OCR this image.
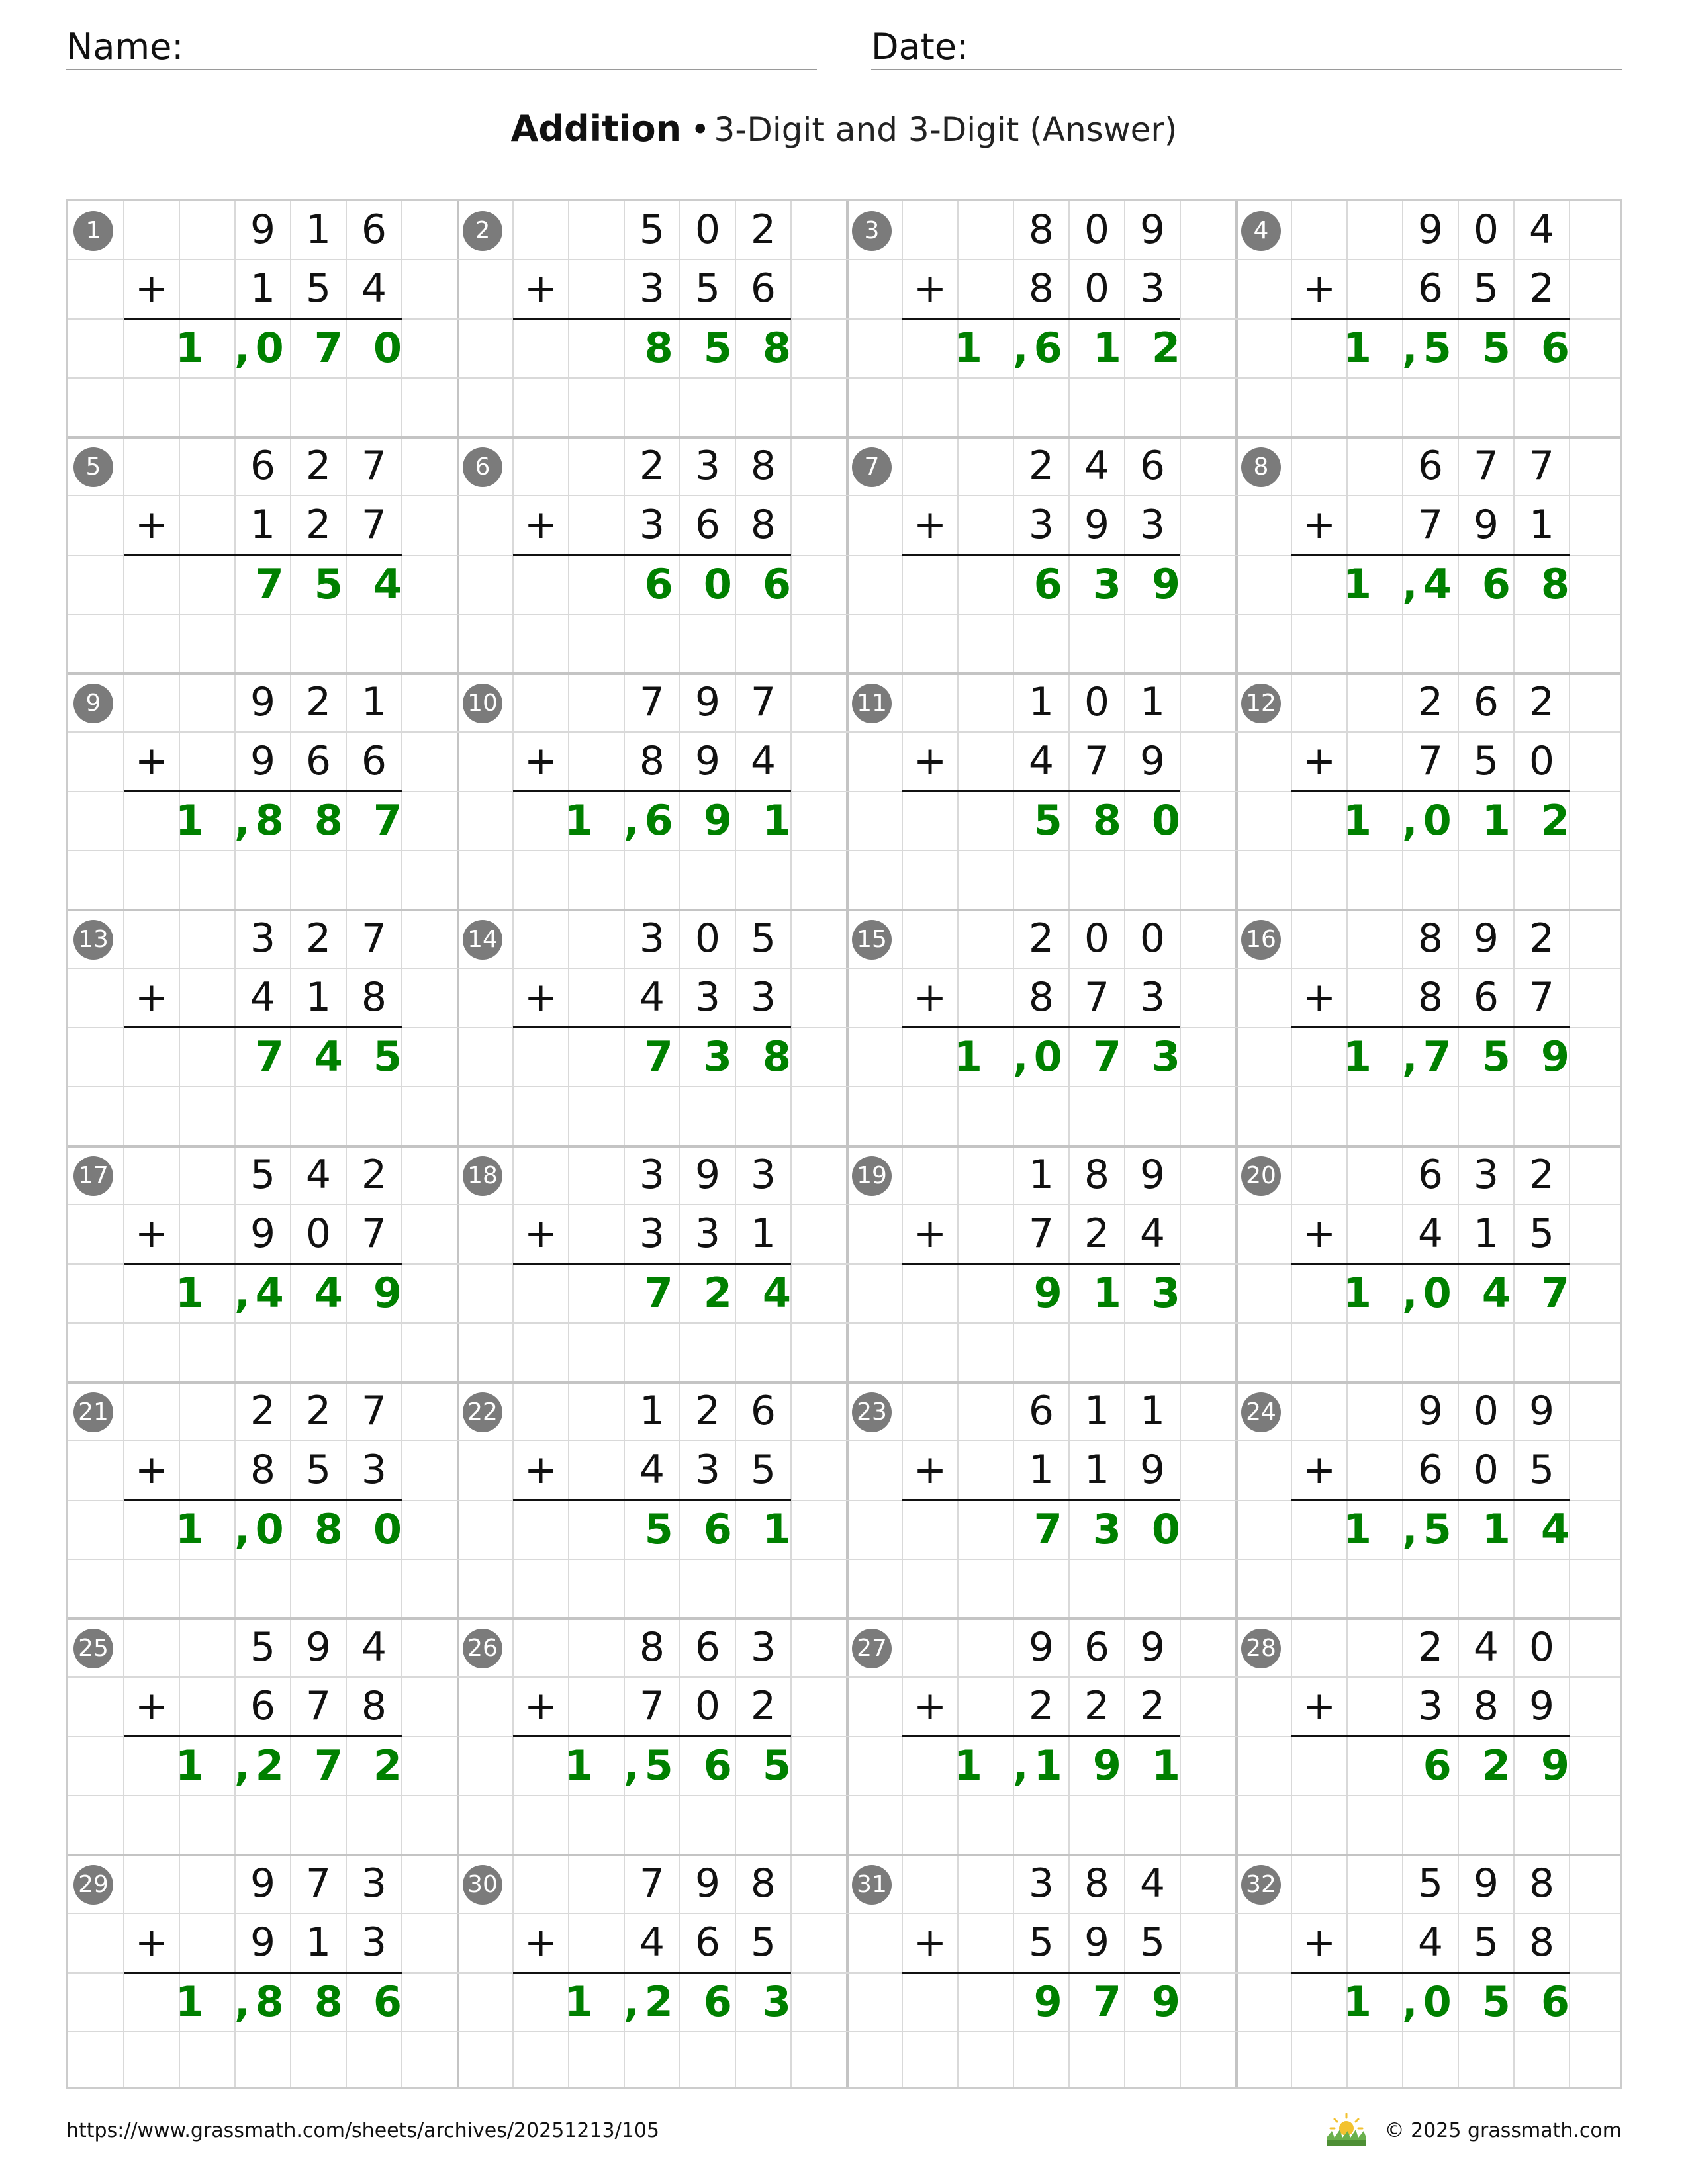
Name:	Date:
Addition • 3-Digit and 3-Digit (Answer)
1	9 1 6
1 5 4
+
1, 070
2	5 0 2
3 5 6
+
858
3	8 0 9
8 0 3
+
1, 612
4	9 0 4
6 5 2
+
1, 556
5	6 2 7
1 2 7
+
754
6	2 3 8
3 6 8
+
606
7	2 4 6
3 9 3
+
639
8	6 7 7
7 9 1
+
1, 468
9	9 2 1
9 6 6
+
1, 887
10	7 9 7
8 9 4
+
1, 691
11	1 0 1
4 7 9
+
580
12	2 6 2
7 5 0
+
1, 012
13	3 2 7
4 1 8
+
745
14	3 0 5
4 3 3
+
738
15	2 0 0
8 7 3
+
1, 073
16	8 9 2
8 6 7
+
1, 759
17	5 4 2
9 0 7
+
1, 449
18	3 9 3
3 3 1
+
724
19	1 8 9
7 2 4
+
913
20	6 3 2
4 1 5
+
1, 047
21	2 2 7
8 5 3
+
1, 080
22	1 2 6
4 3 5
+
561
23	6 1 1
1 1 9
+
730
24	9 0 9
6 0 5
+
1, 514
25	5 9 4
6 7 8
+
1, 272
26	8 6 3
7 0 2
+
1, 565
27	9 6 9
2 2 2
+
1, 191
28	2 4 0
3 8 9
+
629
29	9 7 3
9 1 3
+
1, 886
30	7 9 8
4 6 5
+
1, 263
31	3 8 4
5 9 5
+
979
32	5 9 8
4 5 8
+
1, 056
https://www.grassmath.com/sheets/archives/20251213/105	© 2025 grassmath.com
